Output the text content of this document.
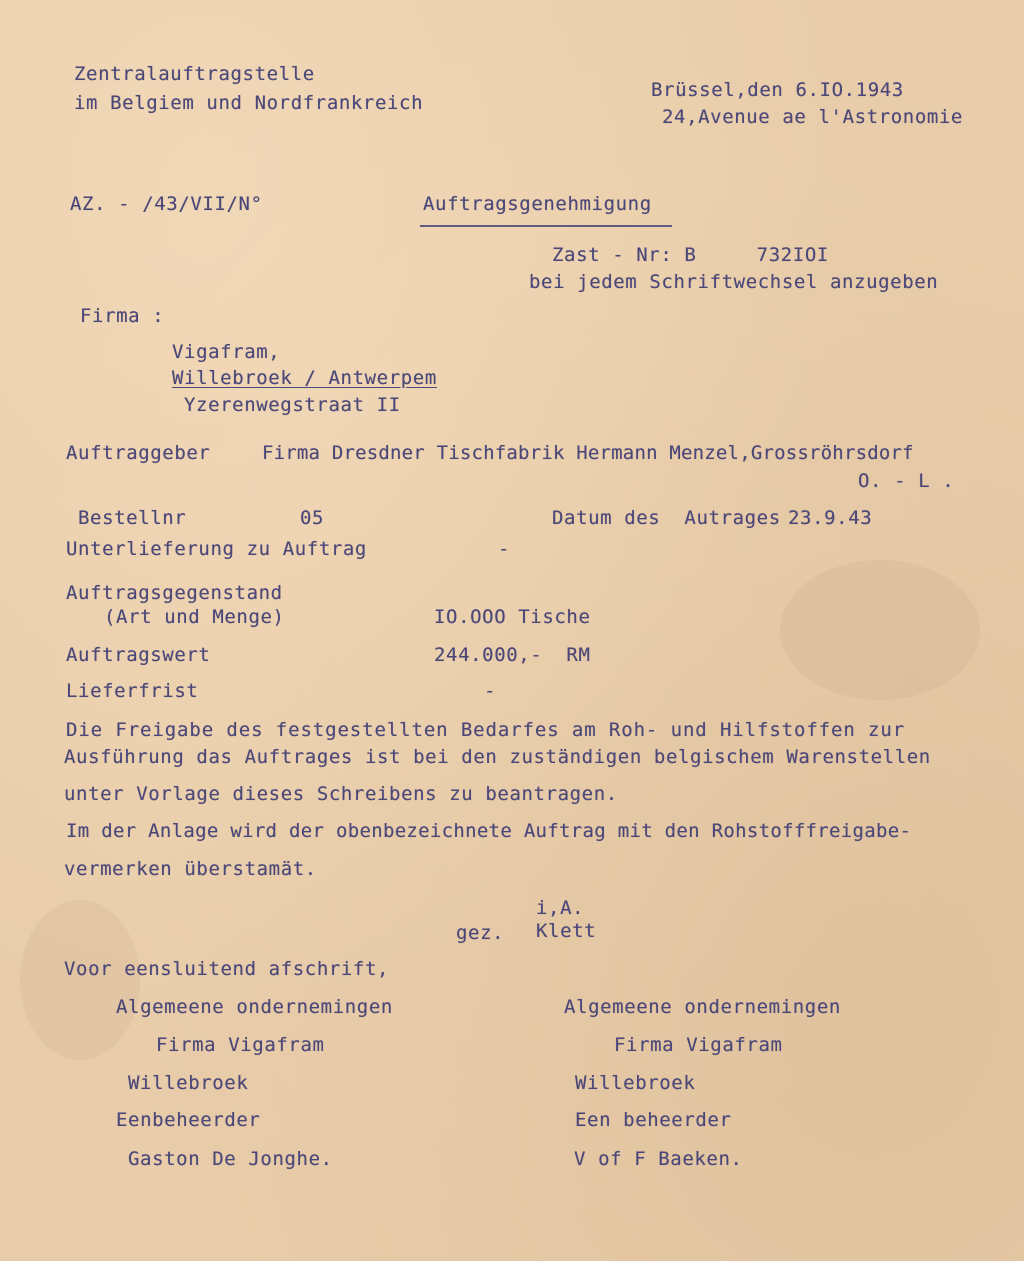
Zentralauftragstelle
im Belgiem und Nordfrankreich
Brüssel,den 6.IO.1943
24,Avenue ae l'Astronomie
AZ. - /43/VII/N°	Auftragsgenehmigung
Zast - Nr: B     732IOI
bei jedem Schriftwechsel anzugeben
Firma :
Vigafram,
Willebroek / Antwerpem
Yzerenwegstraat II
Auftraggeber	Firma Dresdner Tischfabrik Hermann Menzel,Grossröhrsdorf
O. - L .
Bestellnr	05	Datum des  Autrages 23.9.43
Unterlieferung zu Auftrag	-
Auftragsgegenstand
(Art und Menge)	IO.OOO Tische
Auftragswert	244.000,-  RM
Lieferfrist	-
Die Freigabe des festgestellten Bedarfes am Roh- und Hilfstoffen zur
Ausführung das Auftrages ist bei den zuständigen belgischem Warenstellen
unter Vorlage dieses Schreibens zu beantragen.
Im der Anlage wird der obenbezeichnete Auftrag mit den Rohstofffreigabe-
vermerken überstamät.
i,A.
gez. Klett
Voor eensluitend afschrift,
Algemeene ondernemingen
Firma Vigafram
Willebroek
Eenbeheerder
Gaston De Jonghe.
Algemeene ondernemingen
Firma Vigafram
Willebroek
Een beheerder
V of F Baeken.
